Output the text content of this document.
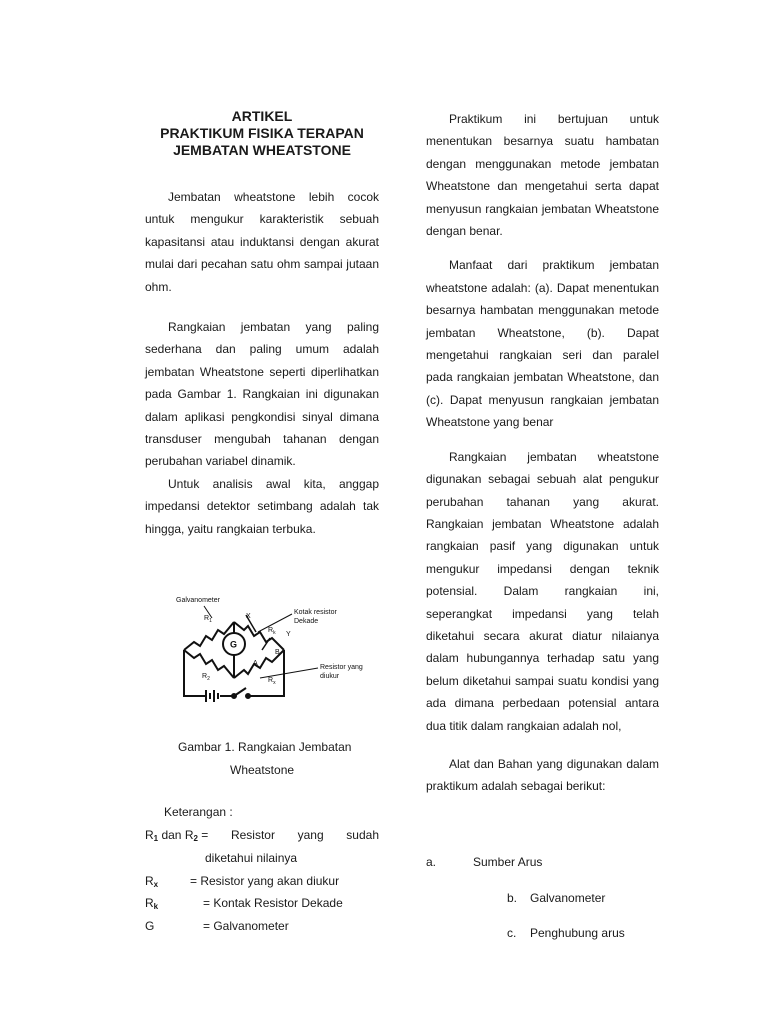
ARTIKEL
PRAKTIKUM FISIKA TERAPAN
JEMBATAN WHEATSTONE

Jembatan wheatstone lebih cocok untuk mengukur karakteristik sebuah kapasitansi atau induktansi dengan akurat mulai dari pecahan satu ohm sampai jutaan ohm.

Rangkaian jembatan yang paling sederhana dan paling umum adalah jembatan Wheatstone seperti diperlihatkan pada Gambar 1. Rangkaian ini digunakan dalam aplikasi pengkondisi sinyal dimana transduser mengubah tahanan dengan perubahan variabel dinamik.

Untuk analisis awal kita, anggap impedansi detektor setimbang adalah tak hingga, yaitu rangkaian terbuka.

Galvanometer
G
$R_1$
$R_2$
$R_k$
$R_x$
X
Y
A
B
Kotak resistor
Dekade
Resistor yang
diukur
Gambar 1. Rangkaian Jembatan
Wheatstone
Keterangan :
$R_1$ dan $R_2$ = Resistor yang sudah
diketahui nilainya
$R_x$	= Resistor yang akan diukur
$R_k$	= Kontak Resistor Dekade
G	= Galvanometer

Praktikum ini bertujuan untuk menentukan besarnya suatu hambatan dengan menggunakan metode jembatan Wheatstone dan mengetahui serta dapat menyusun rangkaian jembatan Wheatstone dengan benar.

Manfaat dari praktikum jembatan wheatstone adalah: (a). Dapat menentukan besarnya hambatan menggunakan metode jembatan Wheatstone, (b). Dapat mengetahui rangkaian seri dan paralel pada rangkaian jembatan Wheatstone, dan (c). Dapat menyusun rangkaian jembatan Wheatstone yang benar

Rangkaian jembatan wheatstone digunakan sebagai sebuah alat pengukur perubahan tahanan yang akurat. Rangkaian jembatan Wheatstone adalah rangkaian pasif yang digunakan untuk mengukur impedansi dengan teknik potensial. Dalam rangkaian ini, seperangkat impedansi yang telah diketahui secara akurat diatur nilaianya dalam hubungannya terhadap satu yang belum diketahui sampai suatu kondisi yang ada dimana perbedaan potensial antara dua titik dalam rangkaian adalah nol,

Alat dan Bahan yang digunakan dalam praktikum adalah sebagai berikut:

a.	Sumber Arus
b. Galvanometer
c. Penghubung arus
